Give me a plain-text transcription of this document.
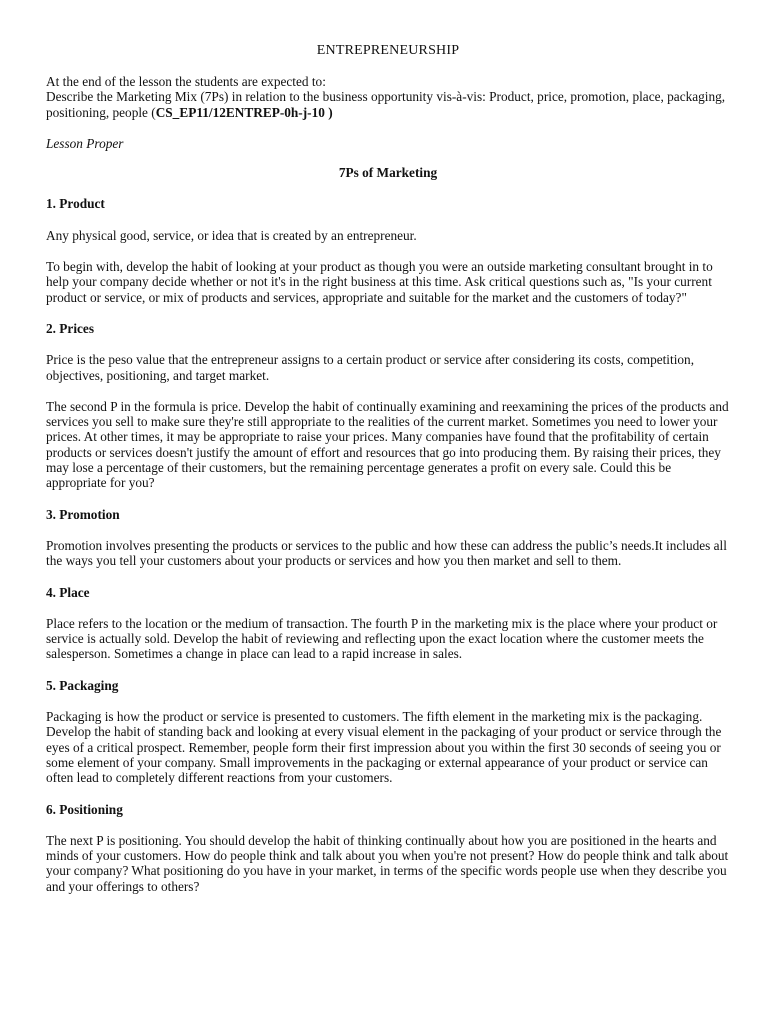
ENTREPRENEURSHIP

At the end of the lesson the students are expected to:

Describe the Marketing Mix (7Ps) in relation to the business opportunity vis-à-vis: Product, price, promotion, place, packaging, positioning, people (CS_EP11/12ENTREP-0h-j-10 )

Lesson Proper
7Ps of Marketing
1. Product

Any physical good, service, or idea that is created by an entrepreneur.

To begin with, develop the habit of looking at your product as though you were an outside marketing consultant brought in to help your company decide whether or not it's in the right business at this time. Ask critical questions such as, "Is your current product or service, or mix of products and services, appropriate and suitable for the market and the customers of today?"

2. Prices

Price is the peso value that the entrepreneur assigns to a certain product or service after considering its costs, competition, objectives, positioning, and target market.

The second P in the formula is price. Develop the habit of continually examining and reexamining the prices of the products and services you sell to make sure they're still appropriate to the realities of the current market. Sometimes you need to lower your prices. At other times, it may be appropriate to raise your prices. Many companies have found that the profitability of certain products or services doesn't justify the amount of effort and resources that go into producing them. By raising their prices, they may lose a percentage of their customers, but the remaining percentage generates a profit on every sale. Could this be appropriate for you?

3. Promotion

Promotion involves presenting the products or services to the public and how these can address the public’s needs.It includes all the ways you tell your customers about your products or services and how you then market and sell to them.

4. Place

Place refers to the location or the medium of transaction. The fourth P in the marketing mix is the place where your product or service is actually sold. Develop the habit of reviewing and reflecting upon the exact location where the customer meets the salesperson. Sometimes a change in place can lead to a rapid increase in sales.

5. Packaging

Packaging is how the product or service is presented to customers. The fifth element in the marketing mix is the packaging. Develop the habit of standing back and looking at every visual element in the packaging of your product or service through the eyes of a critical prospect. Remember, people form their first impression about you within the first 30 seconds of seeing you or some element of your company. Small improvements in the packaging or external appearance of your product or service can often lead to completely different reactions from your customers.

6. Positioning

The next P is positioning. You should develop the habit of thinking continually about how you are positioned in the hearts and minds of your customers. How do people think and talk about you when you're not present? How do people think and talk about your company? What positioning do you have in your market, in terms of the specific words people use when they describe you and your offerings to others?
